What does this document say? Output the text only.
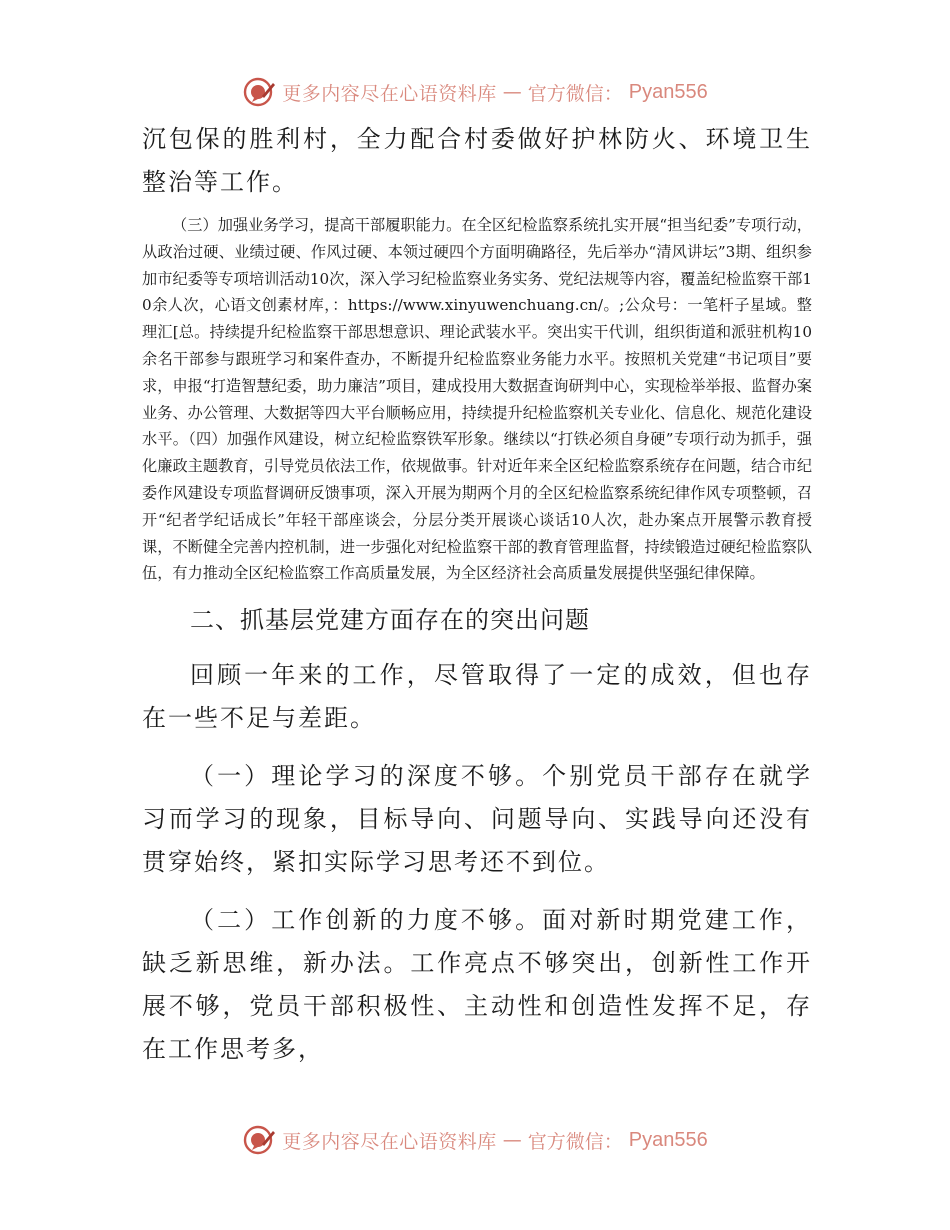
更多内容尽在心语资料库 — 官方微信： Pyan556

沉包保的胜利村，全力配合村委做好护林防火、环境卫生整治等工作。

（三）加强业务学习，提高干部履职能力。在全区纪检监察系统扎实开展“担当纪委”专项行动，从政治过硬、业绩过硬、作风过硬、本领过硬四个方面明确路径，先后举办“清风讲坛”3期、组织参加市纪委等专项培训活动10次，深入学习纪检监察业务实务、党纪法规等内容，覆盖纪检监察干部10余人次，心语文创素材库，：https://www.xinyuwenchuang.cn/。;公众号：一笔杆子星域。整理汇[总。持续提升纪检监察干部思想意识、理论武装水平。突出实干代训，组织街道和派驻机构10余名干部参与跟班学习和案件查办，不断提升纪检监察业务能力水平。按照机关党建“书记项目”要求，申报“打造智慧纪委，助力廉洁”项目，建成投用大数据查询研判中心，实现检举举报、监督办案业务、办公管理、大数据等四大平台顺畅应用，持续提升纪检监察机关专业化、信息化、规范化建设水平。（四）加强作风建设，树立纪检监察铁军形象。继续以“打铁必须自身硬”专项行动为抓手，强化廉政主题教育，引导党员依法工作，依规做事。针对近年来全区纪检监察系统存在问题，结合市纪委作风建设专项监督调研反馈事项，深入开展为期两个月的全区纪检监察系统纪律作风专项整顿，召开“纪者学纪话成长”年轻干部座谈会，分层分类开展谈心谈话10人次，赴办案点开展警示教育授课，不断健全完善内控机制，进一步强化对纪检监察干部的教育管理监督，持续锻造过硬纪检监察队伍，有力推动全区纪检监察工作高质量发展，为全区经济社会高质量发展提供坚强纪律保障。

二、抓基层党建方面存在的突出问题

回顾一年来的工作，尽管取得了一定的成效，但也存在一些不足与差距。

（一）理论学习的深度不够。个别党员干部存在就学习而学习的现象，目标导向、问题导向、实践导向还没有贯穿始终，紧扣实际学习思考还不到位。

（二）工作创新的力度不够。面对新时期党建工作，缺乏新思维，新办法。工作亮点不够突出，创新性工作开展不够，党员干部积极性、主动性和创造性发挥不足，存在工作思考多，

更多内容尽在心语资料库 — 官方微信： Pyan556
